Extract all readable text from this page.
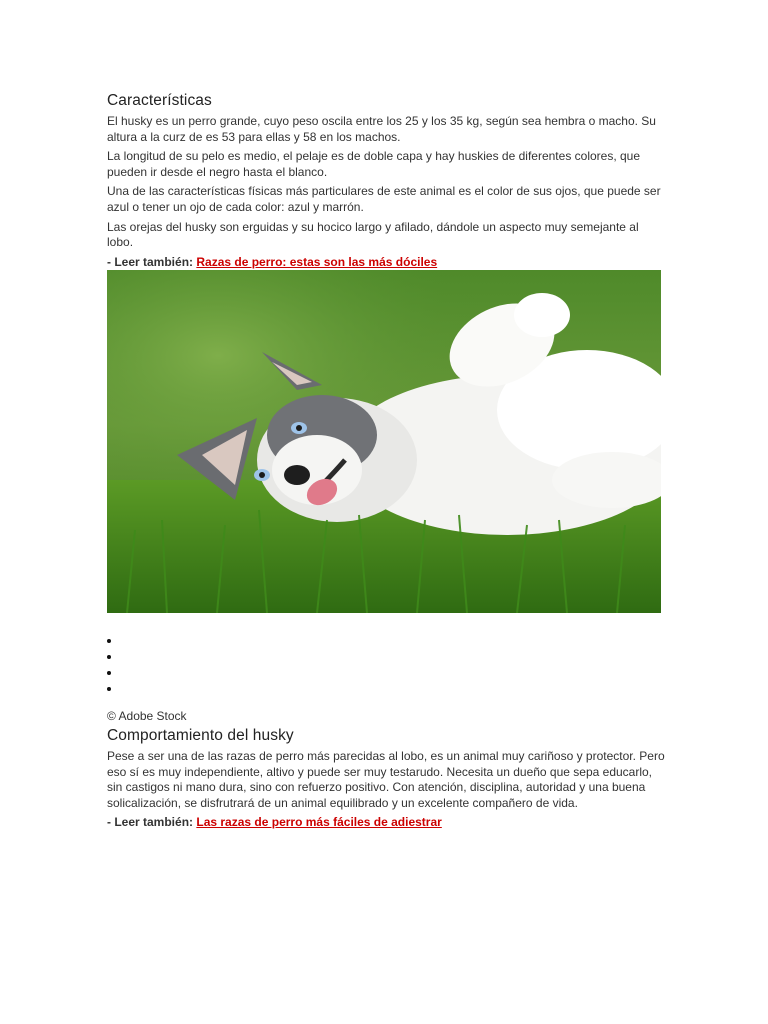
Características

El husky es un perro grande, cuyo peso oscila entre los 25 y los 35 kg, según sea hembra o macho. Su altura a la curz de es 53 para ellas y 58 en los machos.

La longitud de su pelo es medio, el pelaje es de doble capa y hay huskies de diferentes colores, que pueden ir desde el negro hasta el blanco.

Una de las características físicas más particulares de este animal es el color de sus ojos, que puede ser azul o tener un ojo de cada color: azul y marrón.

Las orejas del husky son erguidas y su hocico largo y afilado, dándole un aspecto muy semejante al lobo.

- Leer también: Razas de perro: estas son las más dóciles

•
•
•
•

© Adobe Stock

Comportamiento del husky

Pese a ser una de las razas de perro más parecidas al lobo, es un animal muy cariñoso y protector. Pero eso sí es muy independiente, altivo y puede ser muy testarudo. Necesita un dueño que sepa educarlo, sin castigos ni mano dura, sino con refuerzo positivo. Con atención, disciplina, autoridad y una buena solicalización, se disfrutrará de un animal equilibrado y un excelente compañero de vida.

- Leer también: Las razas de perro más fáciles de adiestrar
